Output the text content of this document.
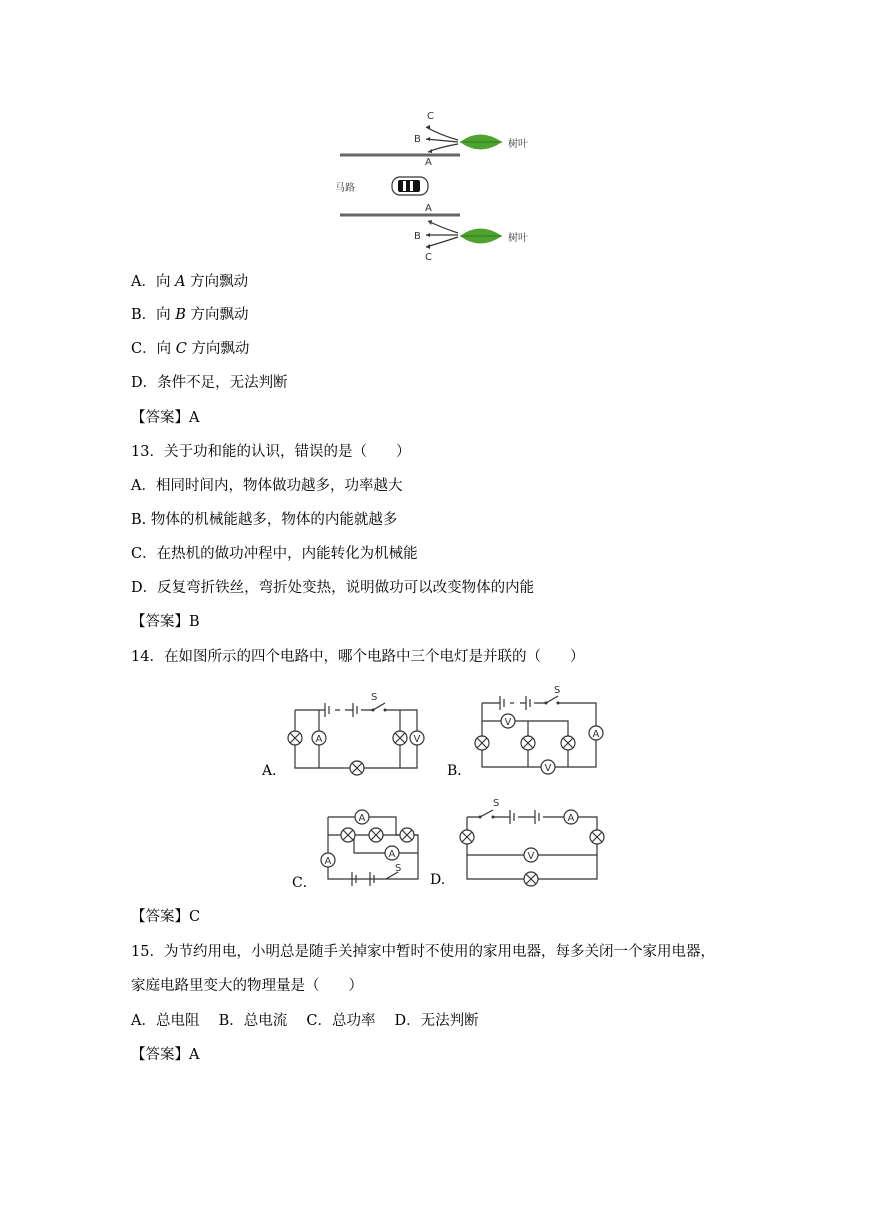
马路
树叶
C
B
A
树叶
A
B
C
A．向 A 方向飘动
B．向 B 方向飘动
C．向 C 方向飘动
D．条件不足，无法判断
【答案】A
13．关于功和能的认识，错误的是（　　）
A．相同时间内，物体做功越多，功率越大
B. 物体的机械能越多，物体的内能就越多
C．在热机的做功冲程中，内能转化为机械能
D．反复弯折铁丝，弯折处变热，说明做功可以改变物体的内能
【答案】B
14．在如图所示的四个电路中，哪个电路中三个电灯是并联的（　　）
S
A	V
A．
S
V
A
V
B．
A
A
A
S
C．	D.
S
A
V
【答案】C
15．为节约用电，小明总是随手关掉家中暂时不使用的家用电器，每多关闭一个家用电器，
家庭电路里变大的物理量是（　　）
A．总电阻　 B．总电流　 C．总功率　 D．无法判断
【答案】A
